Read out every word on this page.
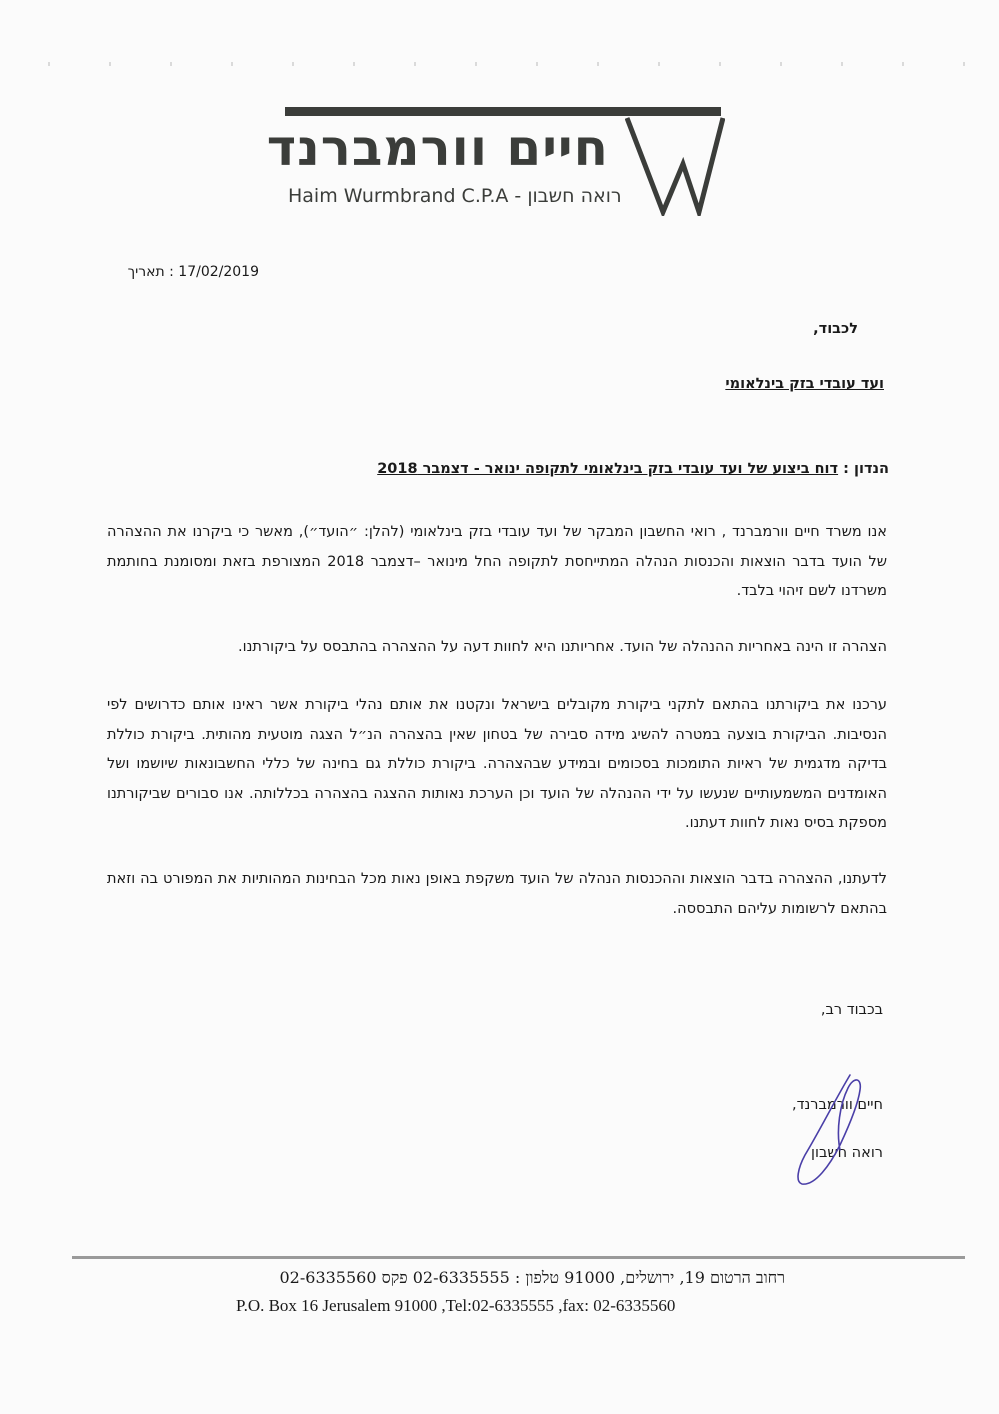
חיים וורמברנד
Haim Wurmbrand C.P.A - רואה חשבון
17/02/2019 : תאריך
לכבוד,
ועד עובדי בזק בינלאומי
הנדון : דוח ביצוע של ועד עובדי בזק בינלאומי לתקופה ינואר - דצמבר 2018
אנו משרד חיים וורמברנד , רואי החשבון המבקר של ועד עובדי בזק בינלאומי (להלן: ״הועד״), מאשר כי ביקרנו את ההצהרה של הועד בדבר הוצאות והכנסות הנהלה המתייחסת לתקופה החל מינואר –דצמבר 2018 המצורפת בזאת ומסומנת בחותמת משרדנו לשם זיהוי בלבד.
הצהרה זו הינה באחריות ההנהלה של הועד. אחריותנו היא לחוות דעה על ההצהרה בהתבסס על ביקורתנו.
ערכנו את ביקורתנו בהתאם לתקני ביקורת מקובלים בישראל ונקטנו את אותם נהלי ביקורת אשר ראינו אותם כדרושים לפי הנסיבות. הביקורת בוצעה במטרה להשיג מידה סבירה של בטחון שאין בהצהרה הנ״ל הצגה מוטעית מהותית. ביקורת כוללת בדיקה מדגמית של ראיות התומכות בסכומים ובמידע שבהצהרה. ביקורת כוללת גם בחינה של כללי החשבונאות שיושמו ושל האומדנים המשמעותיים שנעשו על ידי ההנהלה של הועד וכן הערכת נאותות ההצגה בהצהרה בכללותה. אנו סבורים שביקורתנו מספקת בסיס נאות לחוות דעתנו.
לדעתנו, ההצהרה בדבר הוצאות וההכנסות הנהלה של הועד משקפת באופן נאות מכל הבחינות המהותיות את המפורט בה וזאת בהתאם לרשומות עליהם התבססה.
בכבוד רב,
חיים וורמברנד,
רואה חשבון
רחוב הרטום 19, ירושלים, 91000 טלפון : 02-6335555 פקס 02-6335560
P.O. Box 16 Jerusalem 91000 ,Tel:02-6335555 ,fax: 02-6335560
